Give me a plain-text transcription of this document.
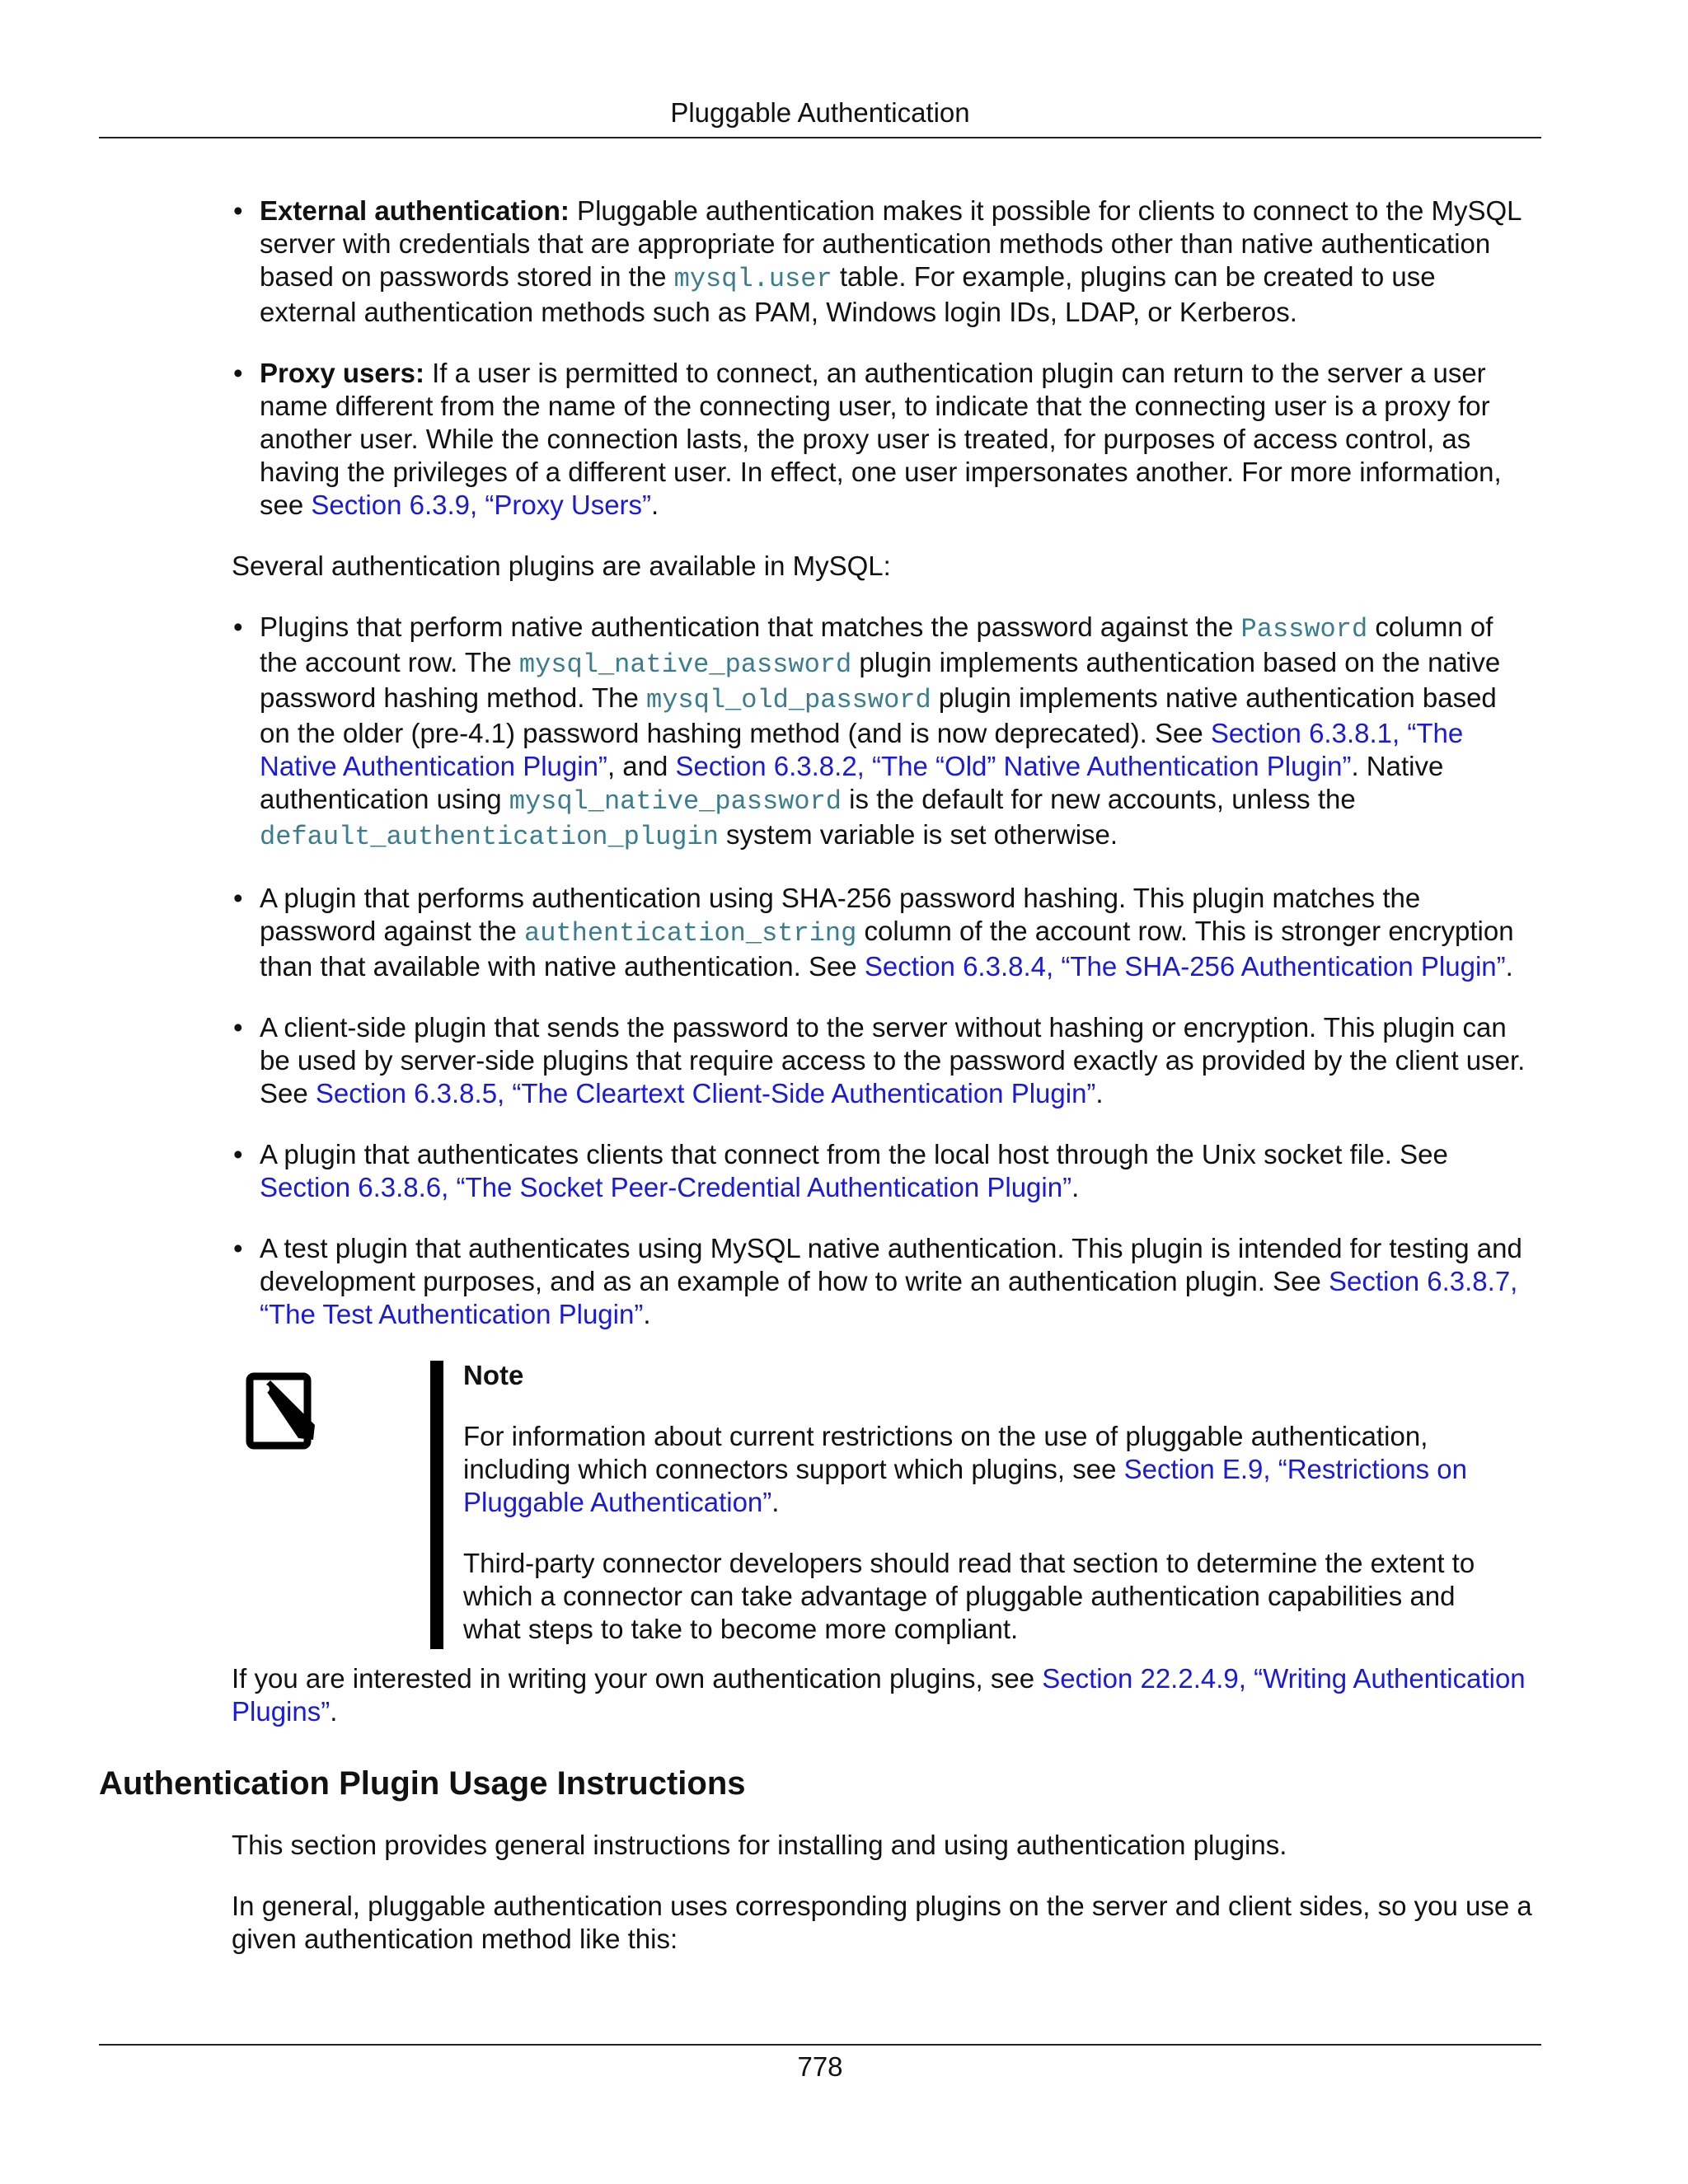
Pluggable Authentication
• External authentication: Pluggable authentication makes it possible for clients to connect to the MySQL server with credentials that are appropriate for authentication methods other than native authentication based on passwords stored in the mysql.user table. For example, plugins can be created to use external authentication methods such as PAM, Windows login IDs, LDAP, or Kerberos.
• Proxy users: If a user is permitted to connect, an authentication plugin can return to the server a user name different from the name of the connecting user, to indicate that the connecting user is a proxy for another user. While the connection lasts, the proxy user is treated, for purposes of access control, as having the privileges of a different user. In effect, one user impersonates another. For more information, see Section 6.3.9, “Proxy Users”.
Several authentication plugins are available in MySQL:
• Plugins that perform native authentication that matches the password against the Password column of the account row. The mysql_native_password plugin implements authentication based on the native password hashing method. The mysql_old_password plugin implements native authentication based on the older (pre-4.1) password hashing method (and is now deprecated). See Section 6.3.8.1, “The Native Authentication Plugin”, and Section 6.3.8.2, “The “Old” Native Authentication Plugin”. Native authentication using mysql_native_password is the default for new accounts, unless the default_authentication_plugin system variable is set otherwise.
• A plugin that performs authentication using SHA-256 password hashing. This plugin matches the password against the authentication_string column of the account row. This is stronger encryption than that available with native authentication. See Section 6.3.8.4, “The SHA-256 Authentication Plugin”.
• A client-side plugin that sends the password to the server without hashing or encryption. This plugin can be used by server-side plugins that require access to the password exactly as provided by the client user. See Section 6.3.8.5, “The Cleartext Client-Side Authentication Plugin”.
• A plugin that authenticates clients that connect from the local host through the Unix socket file. See Section 6.3.8.6, “The Socket Peer-Credential Authentication Plugin”.
• A test plugin that authenticates using MySQL native authentication. This plugin is intended for testing and development purposes, and as an example of how to write an authentication plugin. See Section 6.3.8.7, “The Test Authentication Plugin”.
Note
For information about current restrictions on the use of pluggable authentication, including which connectors support which plugins, see Section E.9, “Restrictions on Pluggable Authentication”.
Third-party connector developers should read that section to determine the extent to which a connector can take advantage of pluggable authentication capabilities and what steps to take to become more compliant.
If you are interested in writing your own authentication plugins, see Section 22.2.4.9, “Writing Authentication Plugins”.
Authentication Plugin Usage Instructions
This section provides general instructions for installing and using authentication plugins.
In general, pluggable authentication uses corresponding plugins on the server and client sides, so you use a given authentication method like this:
778
